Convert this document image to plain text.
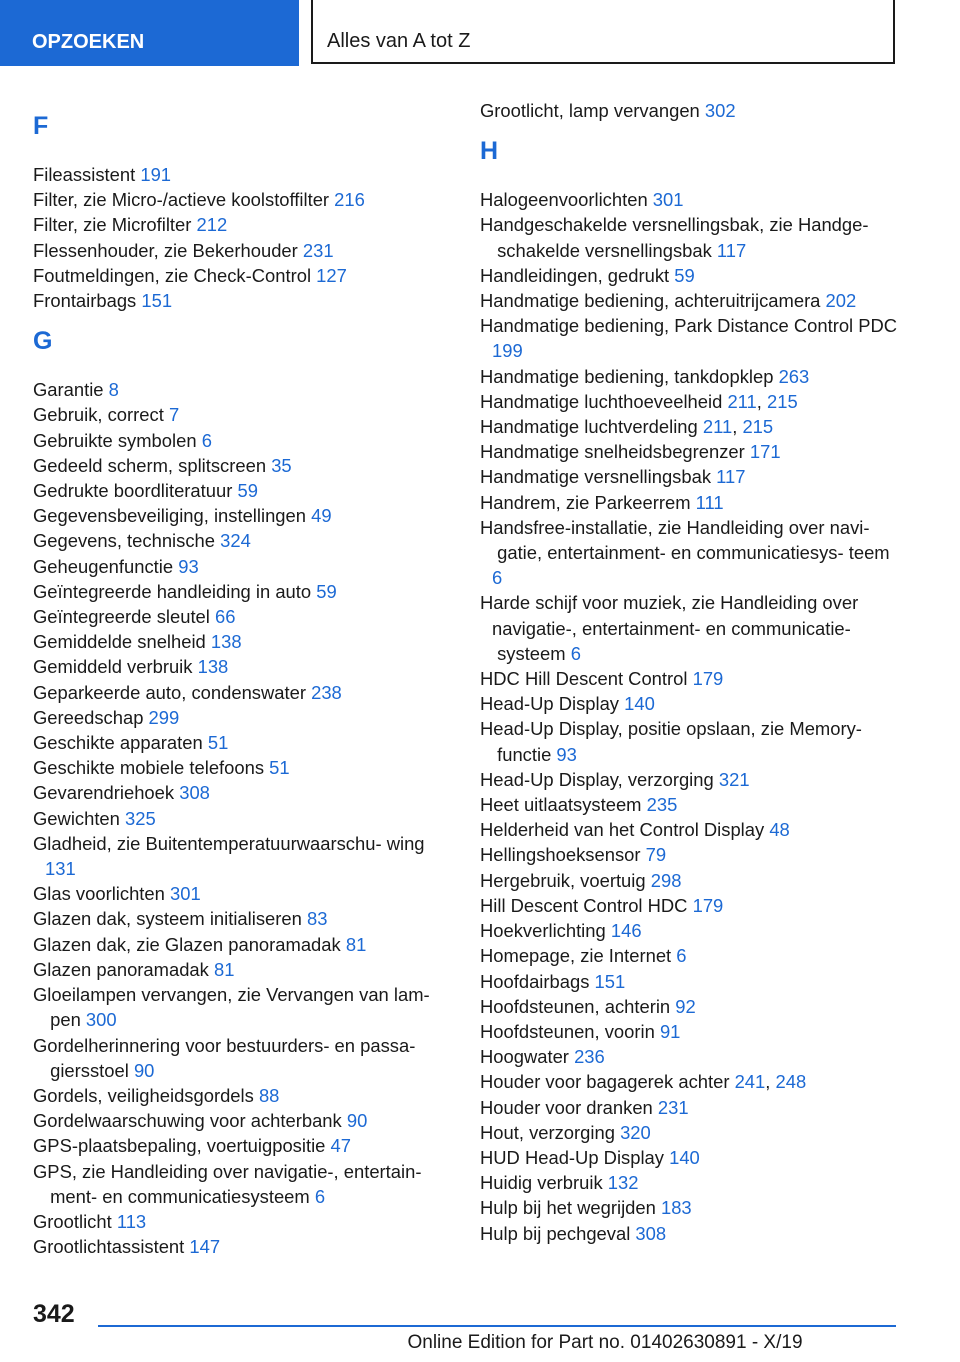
OPZOEKEN	Alles van A tot Z
F
Fileassistent 191
Filter, zie Micro-/actieve koolstoffilter 216
Filter, zie Microfilter 212
Flessenhouder, zie Bekerhouder 231
Foutmeldingen, zie Check-Control 127
Frontairbags 151
G
Garantie 8
Gebruik, correct 7
Gebruikte symbolen 6
Gedeeld scherm, splitscreen 35
Gedrukte boordliteratuur 59
Gegevensbeveiliging, instellingen 49
Gegevens, technische 324
Geheugenfunctie 93
Geïntegreerde handleiding in auto 59
Geïntegreerde sleutel 66
Gemiddelde snelheid 138
Gemiddeld verbruik 138
Geparkeerde auto, condenswater 238
Gereedschap 299
Geschikte apparaten 51
Geschikte mobiele telefoons 51
Gevarendriehoek 308
Gewichten 325
Gladheid, zie Buitentemperatuurwaarschu- wing 131
Glas voorlichten 301
Glazen dak, systeem initialiseren 83
Glazen dak, zie Glazen panoramadak 81
Glazen panoramadak 81
Gloeilampen vervangen, zie Vervangen van lam- pen 300
Gordelherinnering voor bestuurders- en passa- giersstoel 90
Gordels, veiligheidsgordels 88
Gordelwaarschuwing voor achterbank 90
GPS-plaatsbepaling, voertuigpositie 47
GPS, zie Handleiding over navigatie-, entertain- ment- en communicatiesysteem 6
Grootlicht 113
Grootlichtassistent 147
Grootlicht, lamp vervangen 302
H
Halogeenvoorlichten 301
Handgeschakelde versnellingsbak, zie Handge- schakelde versnellingsbak 117
Handleidingen, gedrukt 59
Handmatige bediening, achteruitrijcamera 202
Handmatige bediening, Park Distance Control PDC 199
Handmatige bediening, tankdopklep 263
Handmatige luchthoeveelheid 211, 215
Handmatige luchtverdeling 211, 215
Handmatige snelheidsbegrenzer 171
Handmatige versnellingsbak 117
Handrem, zie Parkeerrem 111
Handsfree-installatie, zie Handleiding over navi- gatie, entertainment- en communicatiesys- teem 6
Harde schijf voor muziek, zie Handleiding over navigatie-, entertainment- en communicatie- systeem 6
HDC Hill Descent Control 179
Head-Up Display 140
Head-Up Display, positie opslaan, zie Memory- functie 93
Head-Up Display, verzorging 321
Heet uitlaatsysteem 235
Helderheid van het Control Display 48
Hellingshoeksensor 79
Hergebruik, voertuig 298
Hill Descent Control HDC 179
Hoekverlichting 146
Homepage, zie Internet 6
Hoofdairbags 151
Hoofdsteunen, achterin 92
Hoofdsteunen, voorin 91
Hoogwater 236
Houder voor bagagerek achter 241, 248
Houder voor dranken 231
Hout, verzorging 320
HUD Head-Up Display 140
Huidig verbruik 132
Hulp bij het wegrijden 183
Hulp bij pechgeval 308
342
Online Edition for Part no. 01402630891 - X/19
